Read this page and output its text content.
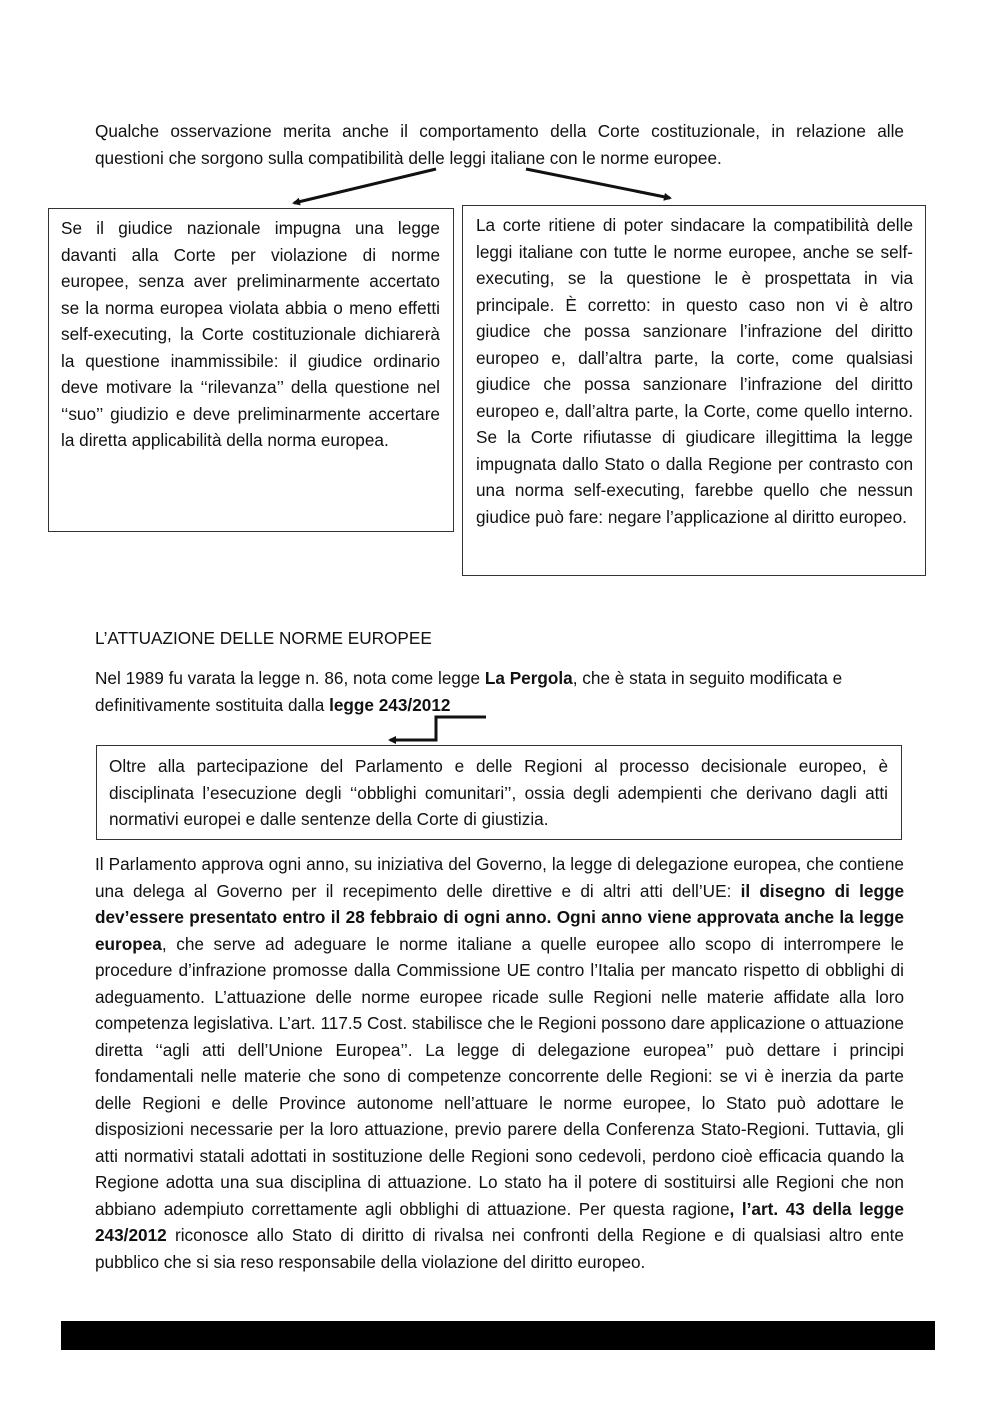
Qualche osservazione merita anche il comportamento della Corte costituzionale, in relazione alle questioni che sorgono sulla compatibilità delle leggi italiane con le norme europee.

Se il giudice nazionale impugna una legge davanti alla Corte per violazione di norme europee, senza aver preliminarmente accertato se la norma europea violata abbia o meno effetti self-executing, la Corte costituzionale dichiarerà la questione inammissibile: il giudice ordinario deve motivare la ‘‘rilevanza’’ della questione nel ‘‘suo’’ giudizio e deve preliminarmente accertare la diretta applicabilità della norma europea.
La corte ritiene di poter sindacare la compatibilità delle leggi italiane con tutte le norme europee, anche se self-executing, se la questione le è prospettata in via principale. È corretto: in questo caso non vi è altro giudice che possa sanzionare l’infrazione del diritto europeo e, dall’altra parte, la corte, come qualsiasi giudice che possa sanzionare l’infrazione del diritto europeo e, dall’altra parte, la Corte, come quello interno. Se la Corte rifiutasse di giudicare illegittima la legge impugnata dallo Stato o dalla Regione per contrasto con una norma self-executing, farebbe quello che nessun giudice può fare: negare l’applicazione al diritto europeo.

L’ATTUAZIONE DELLE NORME EUROPEE

Nel 1989 fu varata la legge n. 86, nota come legge La Pergola, che è stata in seguito modificata e definitivamente sostituita dalla legge 243/2012

Oltre alla partecipazione del Parlamento e delle Regioni al processo decisionale europeo, è disciplinata l’esecuzione degli ‘‘obblighi comunitari’’, ossia degli adempienti che derivano dagli atti normativi europei e dalle sentenze della Corte di giustizia.

Il Parlamento approva ogni anno, su iniziativa del Governo, la legge di delegazione europea, che contiene una delega al Governo per il recepimento delle direttive e di altri atti dell’UE: il disegno di legge dev’essere presentato entro il 28 febbraio di ogni anno. Ogni anno viene approvata anche la legge europea, che serve ad adeguare le norme italiane a quelle europee allo scopo di interrompere le procedure d’infrazione promosse dalla Commissione UE contro l’Italia per mancato rispetto di obblighi di adeguamento. L’attuazione delle norme europee ricade sulle Regioni nelle materie affidate alla loro competenza legislativa. L’art. 117.5 Cost. stabilisce che le Regioni possono dare applicazione o attuazione diretta ‘‘agli atti dell’Unione Europea’’. La legge di delegazione europea’’ può dettare i principi fondamentali nelle materie che sono di competenze concorrente delle Regioni: se vi è inerzia da parte delle Regioni e delle Province autonome nell’attuare le norme europee, lo Stato può adottare le disposizioni necessarie per la loro attuazione, previo parere della Conferenza Stato-Regioni. Tuttavia, gli atti normativi statali adottati in sostituzione delle Regioni sono cedevoli, perdono cioè efficacia quando la Regione adotta una sua disciplina di attuazione. Lo stato ha il potere di sostituirsi alle Regioni che non abbiano adempiuto correttamente agli obblighi di attuazione. Per questa ragione, l’art. 43 della legge 243/2012 riconosce allo Stato di diritto di rivalsa nei confronti della Regione e di qualsiasi altro ente pubblico che si sia reso responsabile della violazione del diritto europeo.
